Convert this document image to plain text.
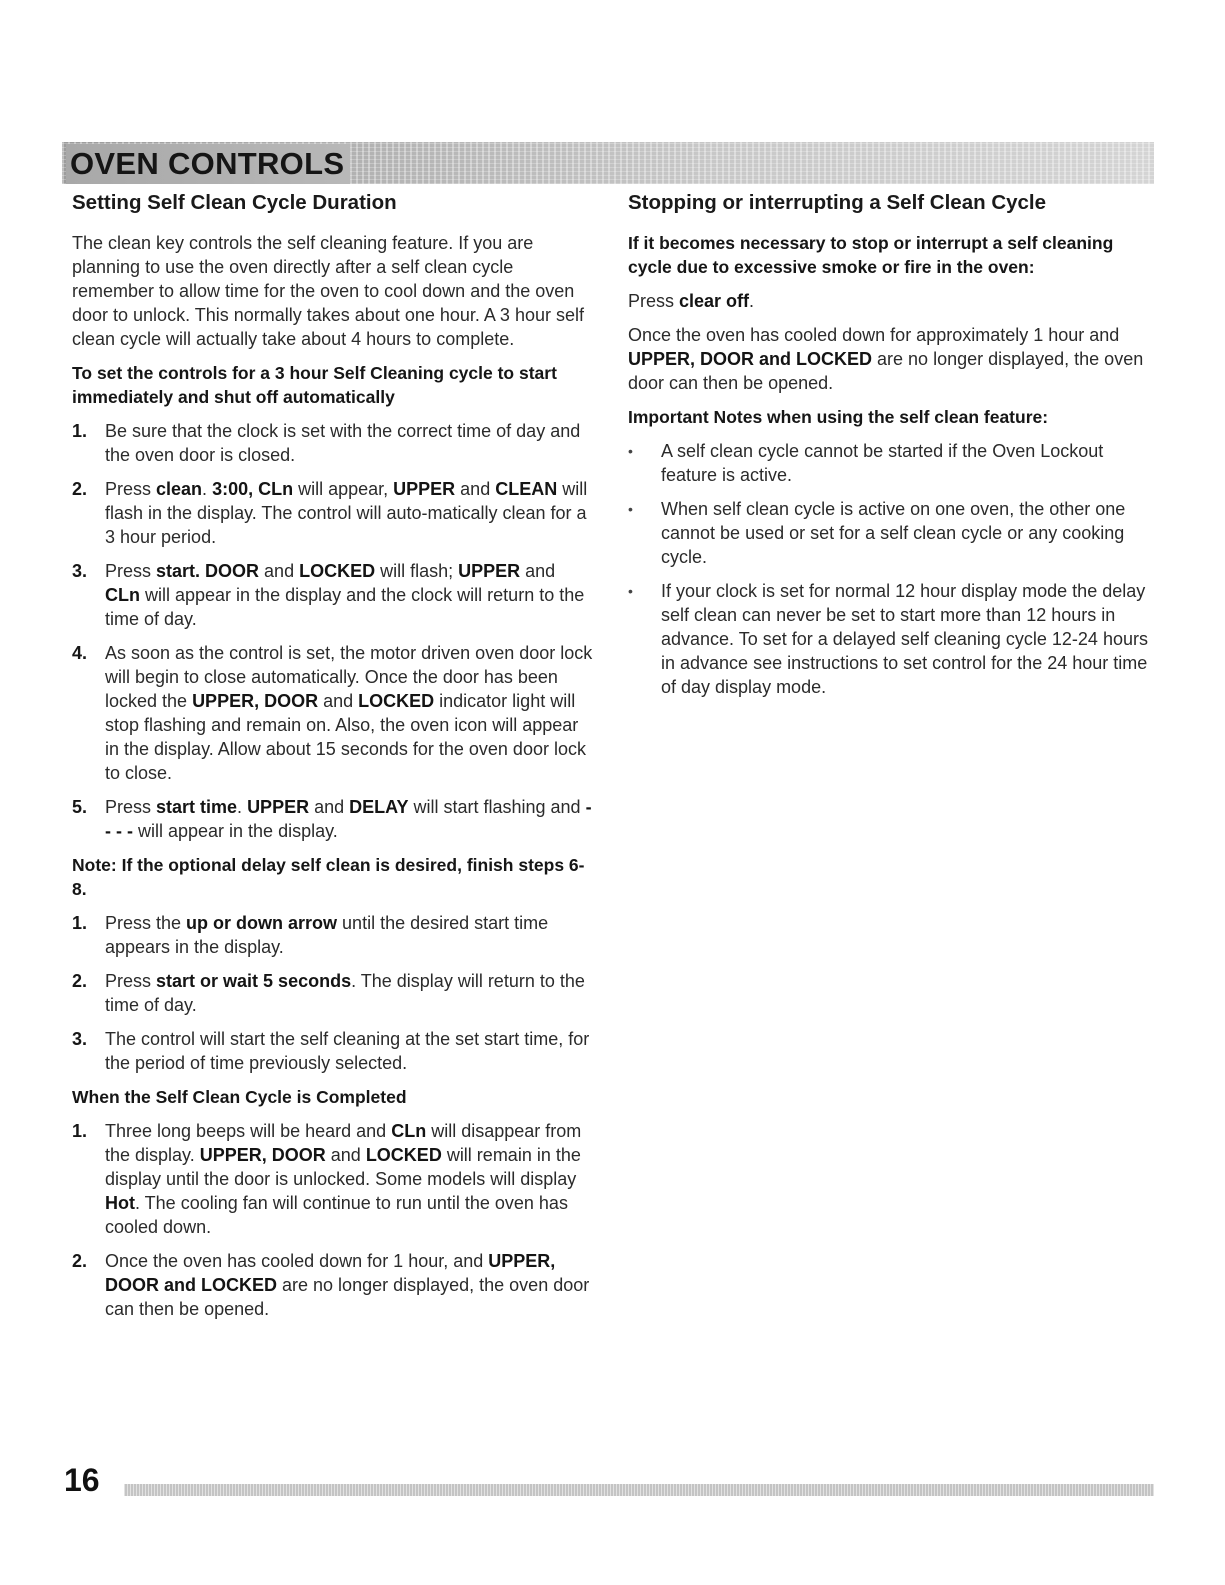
OVEN CONTROLS
Setting Self Clean Cycle Duration

The clean key controls the self cleaning feature. If you are planning to use the oven directly after a self clean cycle remember to allow time for the oven to cool down and the oven door to unlock. This normally takes about one hour. A 3 hour self clean cycle will actually take about 4 hours to complete.

To set the controls for a 3 hour Self Cleaning cycle to start immediately and shut off automatically
1. Be sure that the clock is set with the correct time of day and the oven door is closed.
2. Press clean. 3:00, CLn will appear, UPPER and CLEAN will flash in the display. The control will auto-matically clean for a 3 hour period.
3. Press start. DOOR and LOCKED will flash; UPPER and CLn will appear in the display and the clock will return to the time of day.
4. As soon as the control is set, the motor driven oven door lock will begin to close automatically. Once the door has been locked the UPPER, DOOR and LOCKED indicator light will stop flashing and remain on. Also, the oven icon will appear in the display. Allow about 15 seconds for the oven door lock to close.
5. Press start time. UPPER and DELAY will start flashing and - - - - will appear in the display.
Note: If the optional delay self clean is desired, finish steps 6-8.
1. Press the up or down arrow until the desired start time appears in the display.
2. Press start or wait 5 seconds. The display will return to the time of day.
3. The control will start the self cleaning at the set start time, for the period of time previously selected.
When the Self Clean Cycle is Completed
1. Three long beeps will be heard and CLn will disappear from the display. UPPER, DOOR and LOCKED will remain in the display until the door is unlocked. Some models will display Hot. The cooling fan will continue to run until the oven has cooled down.
2. Once the oven has cooled down for 1 hour, and UPPER, DOOR and LOCKED are no longer displayed, the oven door can then be opened.
Stopping or interrupting a Self Clean Cycle
If it becomes necessary to stop or interrupt a self cleaning cycle due to excessive smoke or fire in the oven:

Press clear off.

Once the oven has cooled down for approximately 1 hour and UPPER, DOOR and LOCKED are no longer displayed, the oven door can then be opened.

Important Notes when using the self clean feature:
• A self clean cycle cannot be started if the Oven Lockout feature is active.
• When self clean cycle is active on one oven, the other one cannot be used or set for a self clean cycle or any cooking cycle.
• If your clock is set for normal 12 hour display mode the delay self clean can never be set to start more than 12 hours in advance. To set for a delayed self cleaning cycle 12-24 hours in advance see instructions to set control for the 24 hour time of day display mode.
16
